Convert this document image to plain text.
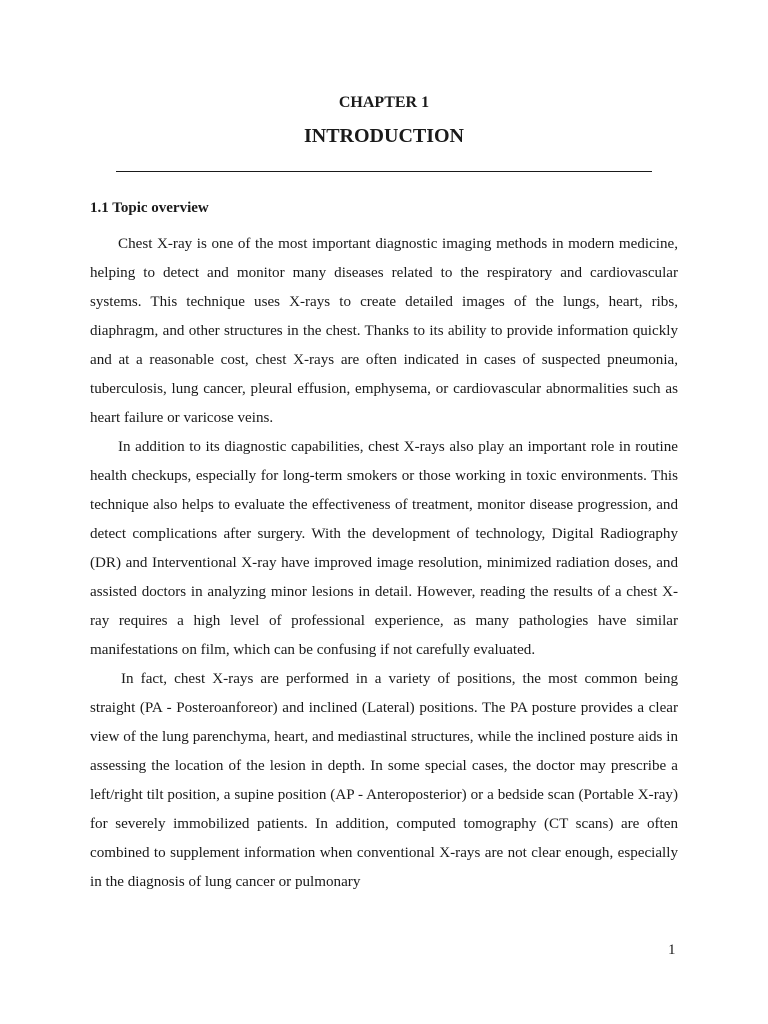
CHAPTER 1
INTRODUCTION
1.1 Topic overview

Chest X-ray is one of the most important diagnostic imaging methods in modern medicine, helping to detect and monitor many diseases related to the respiratory and cardiovascular systems. This technique uses X-rays to create detailed images of the lungs, heart, ribs, diaphragm, and other structures in the chest. Thanks to its ability to provide information quickly and at a reasonable cost, chest X-rays are often indicated in cases of suspected pneumonia, tuberculosis, lung cancer, pleural effusion, emphysema, or cardiovascular abnormalities such as heart failure or varicose veins.

In addition to its diagnostic capabilities, chest X-rays also play an important role in routine health checkups, especially for long-term smokers or those working in toxic environments. This technique also helps to evaluate the effectiveness of treatment, monitor disease progression, and detect complications after surgery. With the development of technology, Digital Radiography (DR) and Interventional X-ray have improved image resolution, minimized radiation doses, and assisted doctors in analyzing minor lesions in detail. However, reading the results of a chest X-ray requires a high level of professional experience, as many pathologies have similar manifestations on film, which can be confusing if not carefully evaluated.

In fact, chest X-rays are performed in a variety of positions, the most common being straight (PA - Posteroanforeor) and inclined (Lateral) positions. The PA posture provides a clear view of the lung parenchyma, heart, and mediastinal structures, while the inclined posture aids in assessing the location of the lesion in depth. In some special cases, the doctor may prescribe a left/right tilt position, a supine position (AP - Anteroposterior) or a bedside scan (Portable X-ray) for severely immobilized patients. In addition, computed tomography (CT scans) are often combined to supplement information when conventional X-rays are not clear enough, especially in the diagnosis of lung cancer or pulmonary

1
